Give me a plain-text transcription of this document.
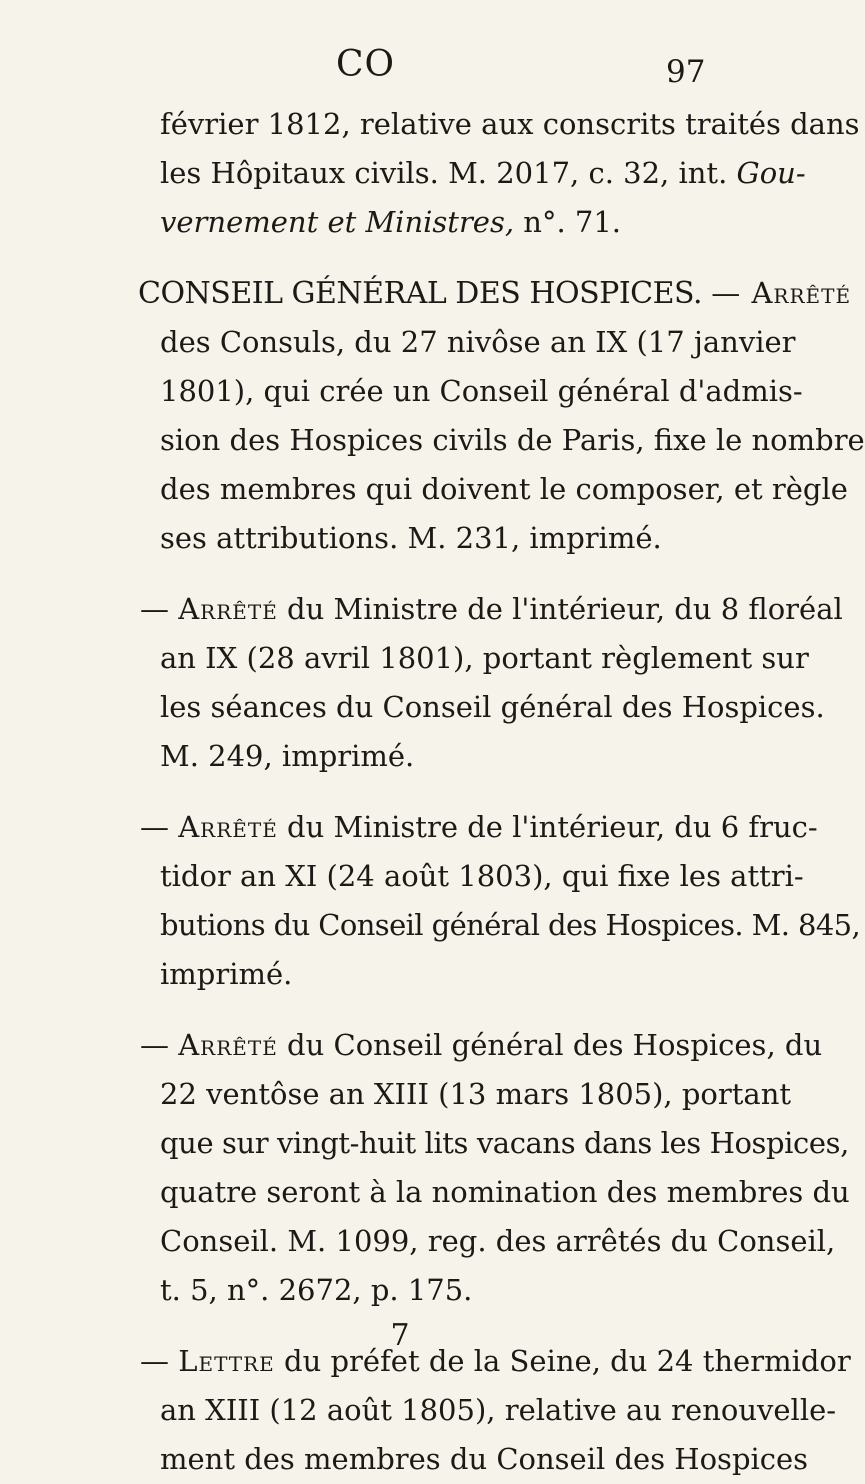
CO	97
février 1812, relative aux conscrits traités dans
les Hôpitaux civils. M. 2017, c. 32, int. Gou-
vernement et Ministres, n°. 71.
CONSEIL GÉNÉRAL DES HOSPICES. — Arrêté
des Consuls, du 27 nivôse an IX (17 janvier
1801), qui crée un Conseil général d'admis-
sion des Hospices civils de Paris, fixe le nombre
des membres qui doivent le composer, et règle
ses attributions. M. 231, imprimé.
— Arrêté du Ministre de l'intérieur, du 8 floréal
an IX (28 avril 1801), portant règlement sur
les séances du Conseil général des Hospices.
M. 249, imprimé.
— Arrêté du Ministre de l'intérieur, du 6 fruc-
tidor an XI (24 août 1803), qui fixe les attri-
butions du Conseil général des Hospices. M. 845,
imprimé.
— Arrêté du Conseil général des Hospices, du
22 ventôse an XIII (13 mars 1805), portant
que sur vingt-huit lits vacans dans les Hospices,
quatre seront à la nomination des membres du
Conseil. M. 1099, reg. des arrêtés du Conseil,
t. 5, n°. 2672, p. 175.
— Lettre du préfet de la Seine, du 24 thermidor
an XIII (12 août 1805), relative au renouvelle-
ment des membres du Conseil des Hospices
7
